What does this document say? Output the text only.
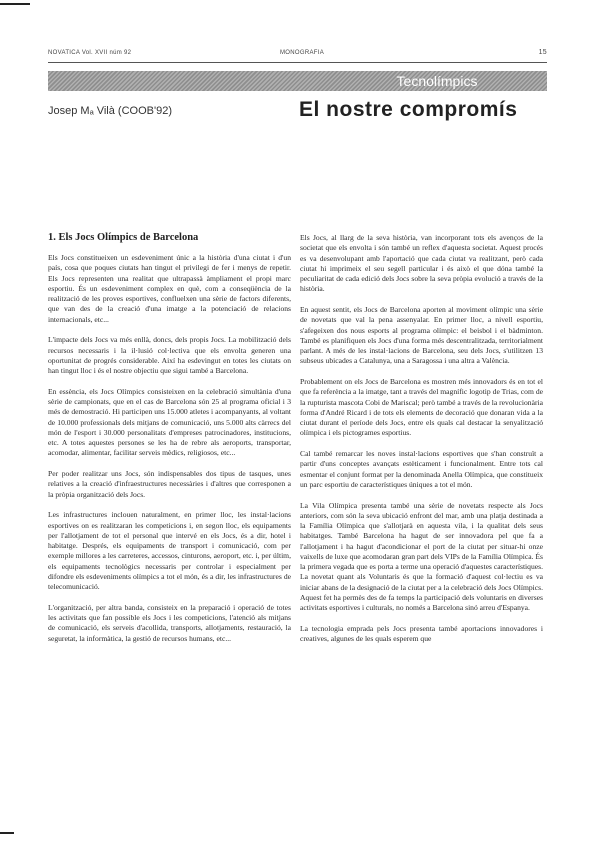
NOVATICA Vol. XVII núm 92	MONOGRAFIA	15
Tecnolímpics
Josep Mₐ Vilà (COOB'92)	El nostre compromís
1. Els Jocs Olímpics de Barcelona

Els Jocs constitueixen un esdeveniment únic a la història d'una ciutat i d'un país, cosa que poques ciutats han tingut el privilegi de fer i menys de repetir. Els Jocs representen una realitat que ultrapassà àmpliament el propi marc esportiu. És un esdeveniment complex en què, com a conseqüència de la realització de les proves esportives, confluelxen una sèrie de factors diferents, que van des de la creació d'una imatge a la potenciació de relacions internacionals, etc...

L'impacte dels Jocs va més enllà, doncs, dels propis Jocs. La mobilització dels recursos necessaris i la il·lusió col·lectiva que els envolta generen una oportunitat de progrés considerable. Així ha esdevingut en totes les ciutats on han tingut lloc i és el nostre objectiu que sigui també a Barcelona.

En essència, els Jocs Olímpics consisteixen en la celebració simultània d'una sèrie de campionats, que en el cas de Barcelona són 25 al programa oficial i 3 més de demostració. Hi participen uns 15.000 atletes i acompanyants, al voltant de 10.000 professionals dels mitjans de comunicació, uns 5.000 alts càrrecs del món de l'esport i 30.000 personalitats d'empreses patrocinadores, institucions, etc. A totes aquestes persones se les ha de rebre als aeroports, transportar, acomodar, alimentar, facilitar serveis mèdics, religiosos, etc...

Per poder realitzar uns Jocs, són indispensables dos tipus de tasques, unes relatives a la creació d'infraestructures necessàries i d'altres que corresponen a la pròpia organització dels Jocs.

Les infrastructures inclouen naturalment, en primer lloc, les instal·lacions esportives on es realitzaran les competicions i, en segon lloc, els equipaments per l'allotjament de tot el personal que intervé en els Jocs, és a dir, hotel i habitatge. Després, els equipaments de transport i comunicació, com per exemple millores a les carreteres, accessos, cinturons, aeroport, etc. i, per últim, els equipaments tecnològics necessaris per controlar i especialment per difondre els esdeveniments olímpics a tot el món, és a dir, les infrastructures de telecomunicació.

L'organització, per altra banda, consisteix en la preparació i operació de totes les activitats que fan possible els Jocs i les competicions, l'atenció als mitjans de comunicació, els serveis d'acollida, transports, allotjaments, restauració, la seguretat, la informàtica, la gestió de recursos humans, etc...

Els Jocs, al llarg de la seva història, van incorporant tots els avenços de la societat que els envolta i són també un reflex d'aquesta societat. Aquest procés es va desenvolupant amb l'aportació que cada ciutat va realitzant, però cada ciutat hi imprimeix el seu segell particular i és això el que dóna també la peculiaritat de cada edició dels Jocs sobre la seva pròpia evolució a través de la història.

En aquest sentit, els Jocs de Barcelona aporten al moviment olímpic una sèrie de novetats que val la pena assenyalar. En primer lloc, a nivell esportiu, s'afegeixen dos nous esports al programa olímpic: el beisbol i el bàdminton. També es planifiquen els Jocs d'una forma més descentralitzada, territorialment parlant. A més de les instal·lacions de Barcelona, seu dels Jocs, s'utilitzen 13 subseus ubicades a Catalunya, una a Saragossa i una altra a València.

Probablement on els Jocs de Barcelona es mostren més innovadors és en tot el que fa referència a la imatge, tant a través del magnífic logotip de Trias, com de la rupturista mascota Cobi de Mariscal; però també a través de la revolucionària forma d'André Ricard i de tots els elements de decoració que donaran vida a la ciutat durant el període dels Jocs, entre els quals cal destacar la senyalització olímpica i els pictogrames esportius.

Cal també remarcar les noves instal·lacions esportives que s'han construït a partir d'uns conceptes avançats estèticament i funcionalment. Entre tots cal esmentar el conjunt format per la denominada Anella Olímpica, que constitueix un parc esportiu de característiques úniques a tot el món.

La Vila Olímpica presenta també una sèrie de novetats respecte als Jocs anteriors, com són la seva ubicació enfront del mar, amb una platja destinada a la Família Olímpica que s'allotjarà en aquesta vila, i la qualitat dels seus habitatges. També Barcelona ha hagut de ser innovadora pel que fa a l'allotjament i ha hagut d'acondicionar el port de la ciutat per situar-hi onze vaixells de luxe que acomodaran gran part dels VIPs de la Família Olímpica. És la primera vegada que es porta a terme una operació d'aquestes característiques. La novetat quant als Voluntaris és que la formació d'aquest col·lectiu es va iniciar abans de la designació de la ciutat per a la celebració dels Jocs Olímpics. Aquest fet ha permès des de fa temps la participació dels voluntaris en diverses activitats esportives i culturals, no només a Barcelona sinó arreu d'Espanya.

La tecnologia emprada pels Jocs presenta també aportacions innovadores i creatives, algunes de les quals esperem que
